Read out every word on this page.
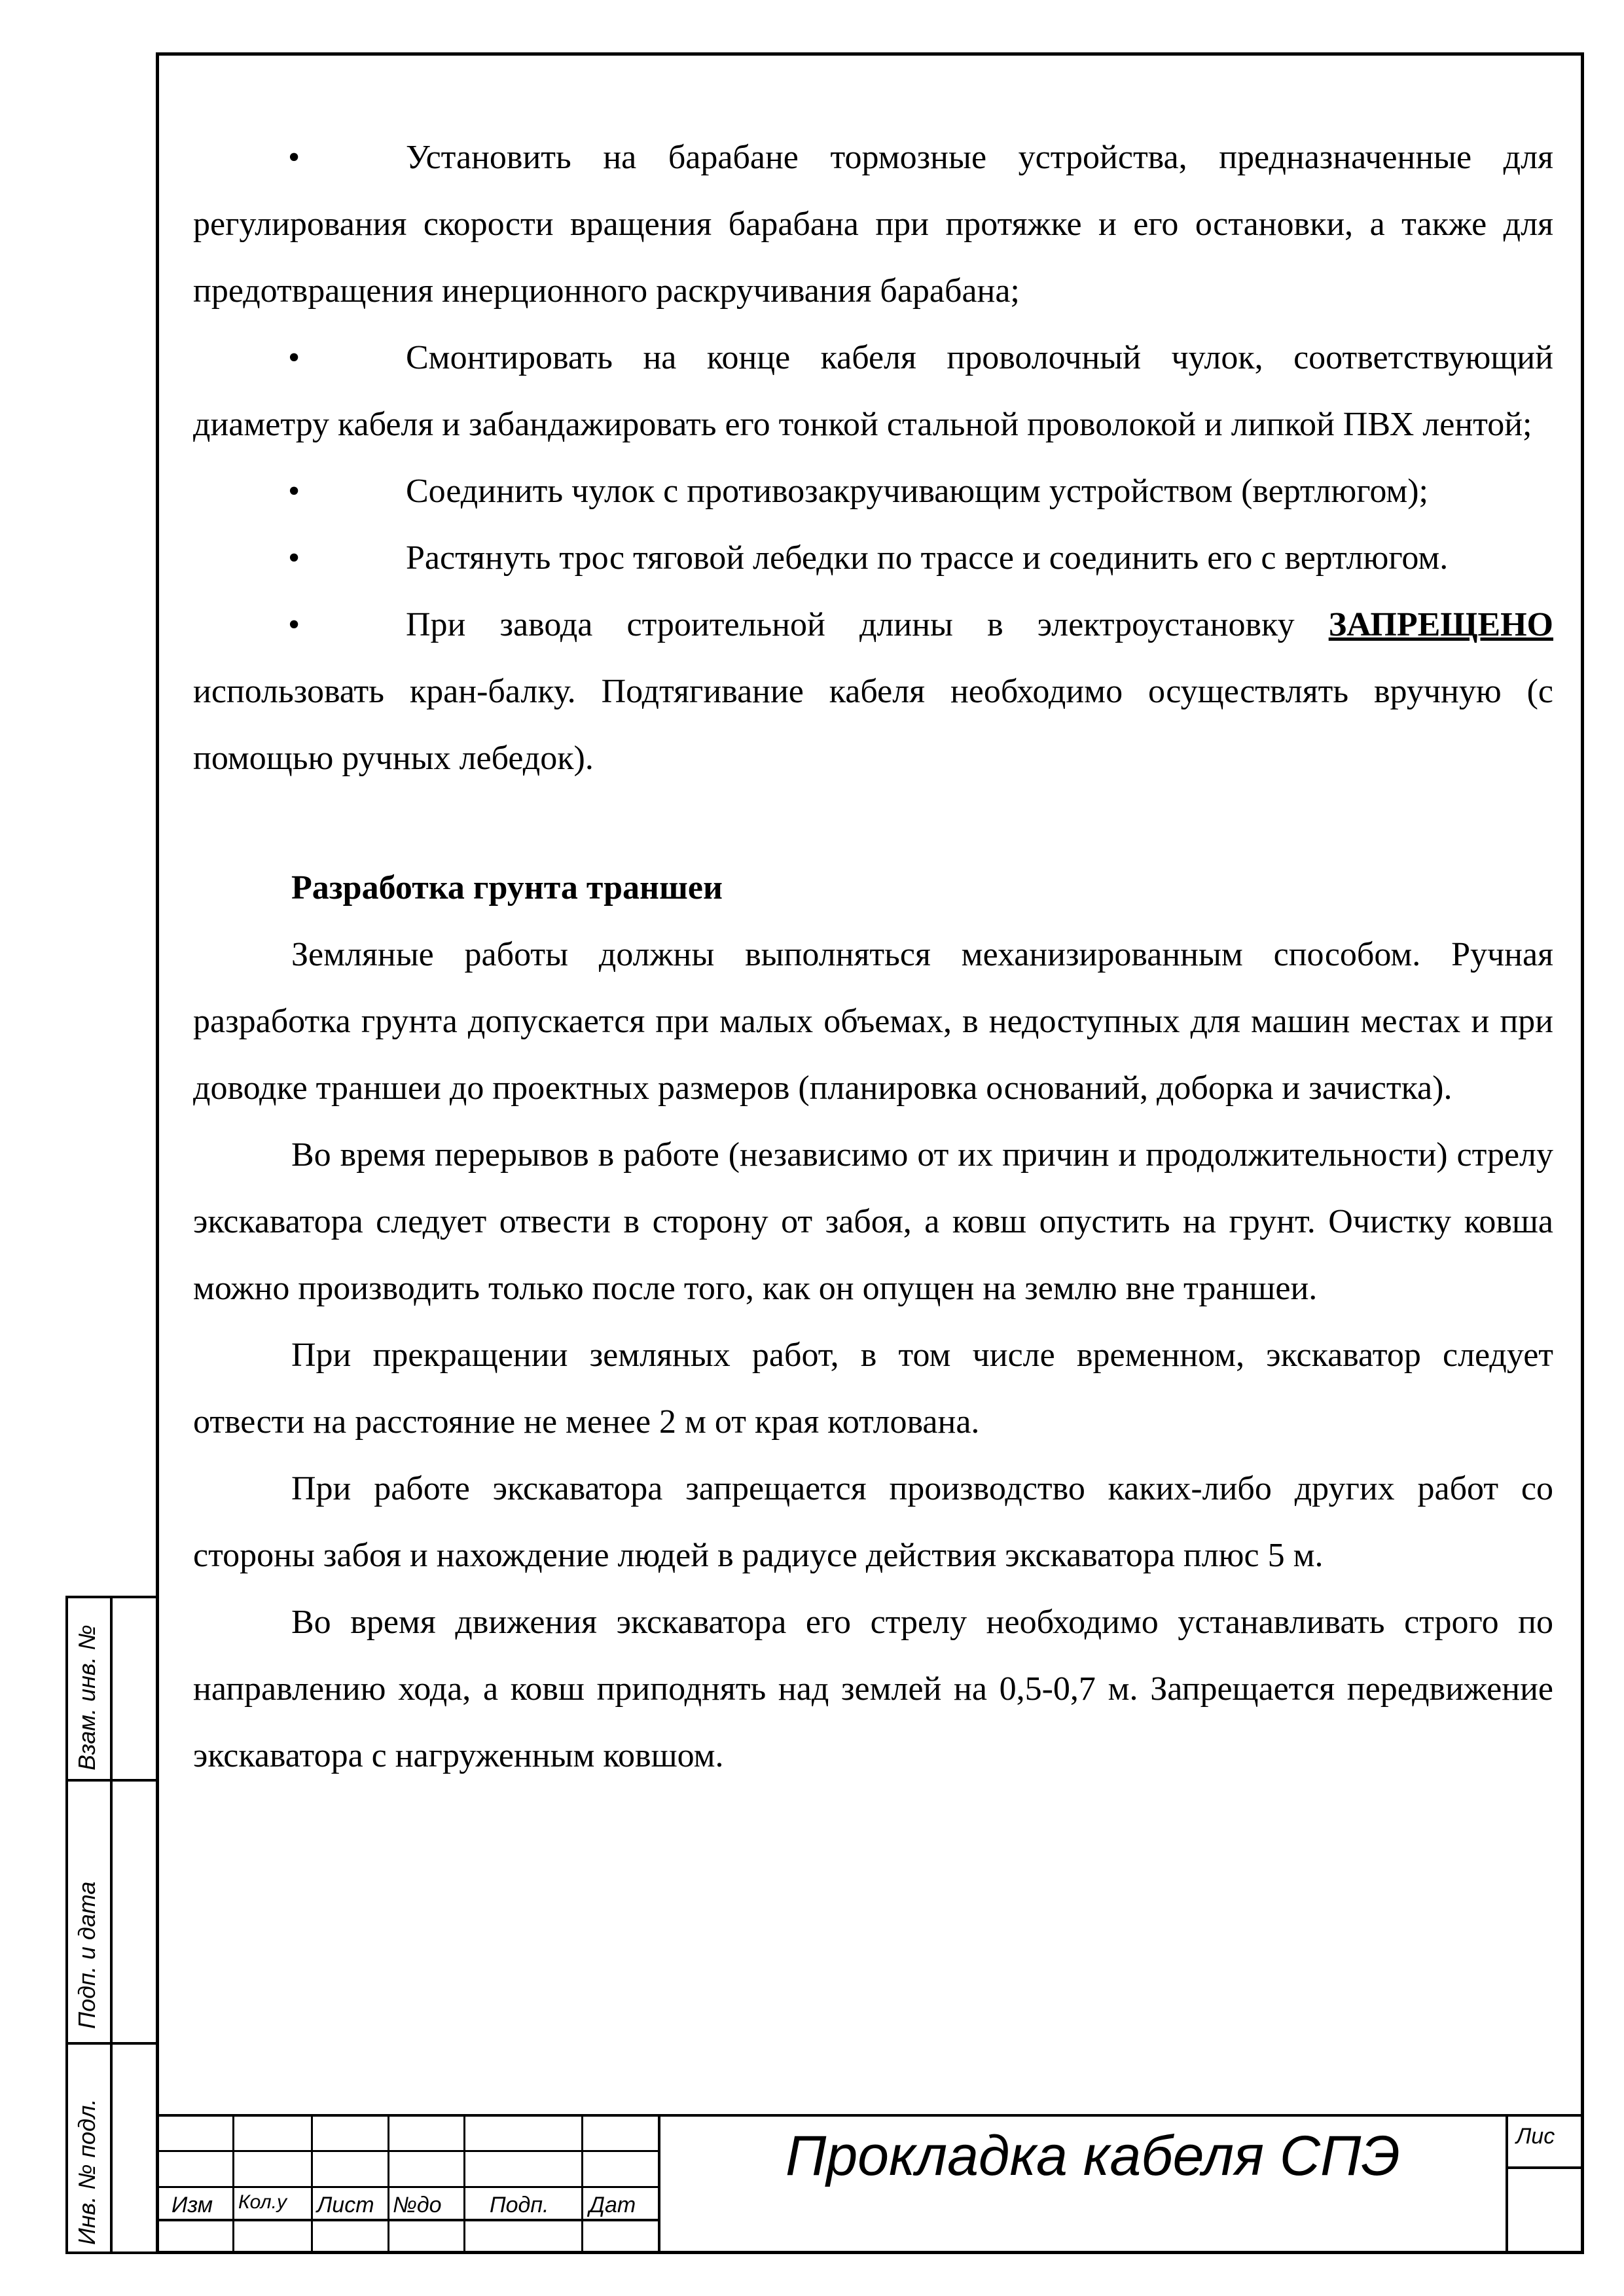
•	Установить на барабане тормозные устройства, предназначенные для регулирования скорости вращения барабана при протяжке и его остановки, а также для предотвращения инерционного раскручивания барабана;

•	Смонтировать на конце кабеля проволочный чулок, соответствующий диаметру кабеля и забандажировать его тонкой стальной проволокой и липкой ПВХ лентой;

•	Соединить чулок с противозакручивающим устройством (вертлюгом);

•	Растянуть трос тяговой лебедки по трассе и соединить его с вертлюгом.

•	При завода строительной длины в электроустановку ЗАПРЕЩЕНО использовать кран-балку. Подтягивание кабеля необходимо осуществлять вручную (с помощью ручных лебедок).

Разработка грунта траншеи

Земляные работы должны выполняться механизированным способом. Ручная разработка грунта допускается при малых объемах, в недоступных для машин местах и при доводке траншеи до проектных размеров (планировка оснований, доборка и зачистка).

Во время перерывов в работе (независимо от их причин и продолжительности) стрелу экскаватора следует отвести в сторону от забоя, а ковш опустить на грунт. Очистку ковша можно производить только после того, как он опущен на землю вне траншеи.

При прекращении земляных работ, в том числе временном, экскаватор следует отвести на расстояние не менее 2 м от края котлована.

При работе экскаватора запрещается производство каких-либо других работ со стороны забоя и нахождение людей в радиусе действия экскаватора плюс 5 м.

Во время движения экскаватора его стрелу необходимо устанавливать строго по направлению хода, а ковш приподнять над землей на 0,5-0,7 м. Запрещается передвижение экскаватора с нагруженным ковшом.

Взам. инв. №
Подп. и дата
Инв. № подл.	Изм Кол.у Лист №до Подп. Дат
Прокладка кабеля СПЭ	Лис
